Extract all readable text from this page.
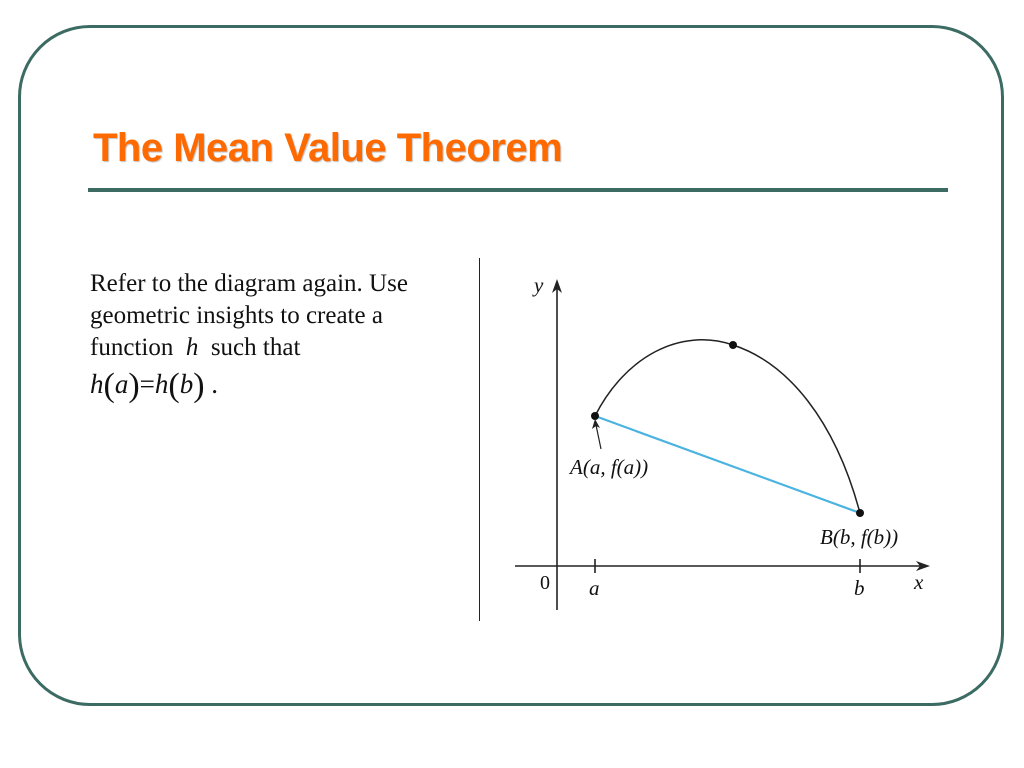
The Mean Value Theorem
Refer to the diagram again. Use
geometric insights to create a
function h such that
h(a)=h(b) .
y
x
0 a	b
A(a, f(a))
B(b, f(b))
